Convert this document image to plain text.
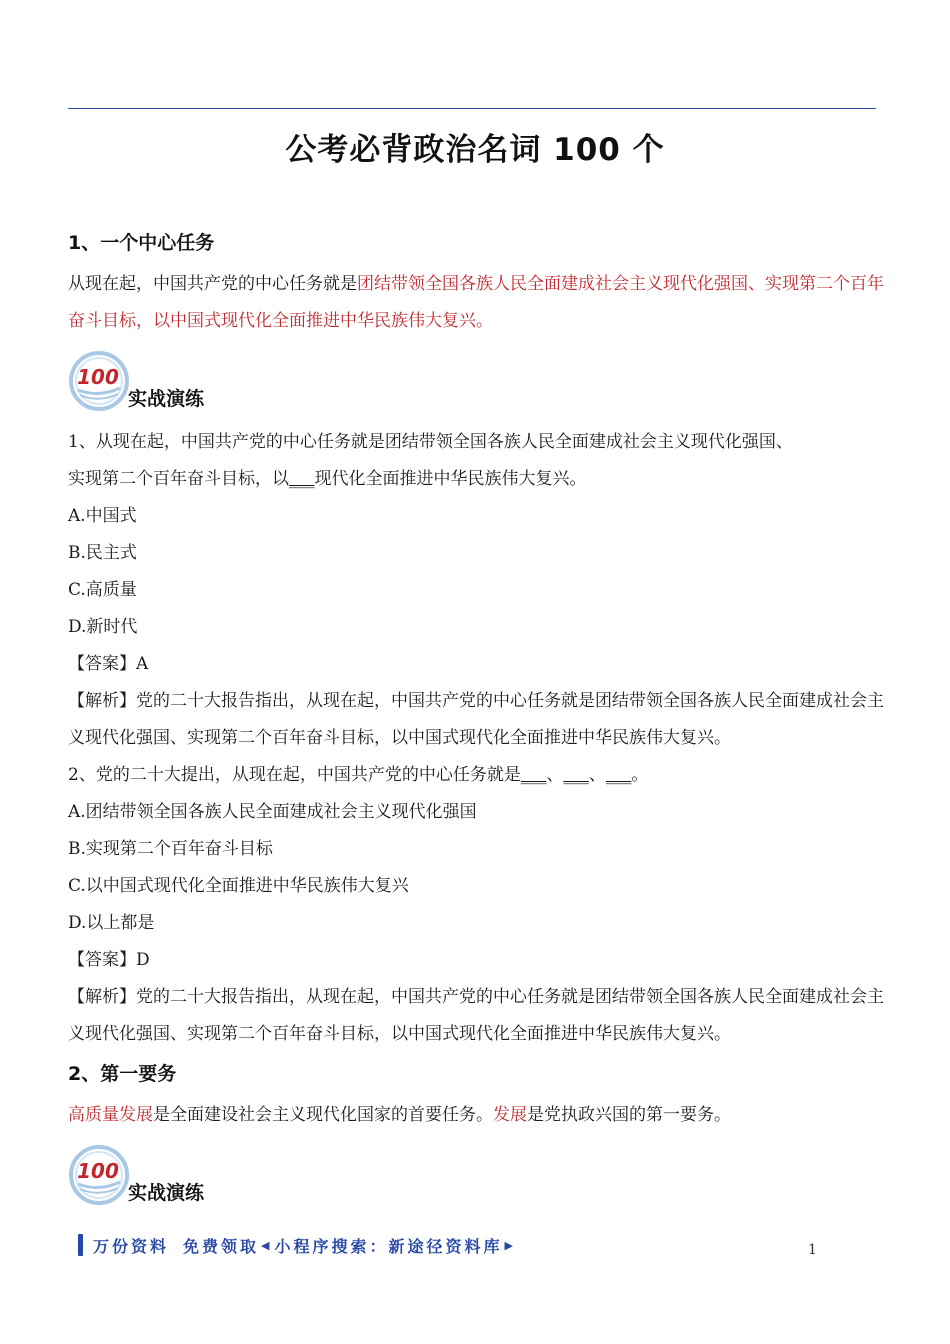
公考必背政治名词 100 个
1、一个中心任务

从现在起，中国共产党的中心任务就是团结带领全国各族人民全面建成社会主义现代化强国、实现第二个百年奋斗目标，以中国式现代化全面推进中华民族伟大复兴。

100
实战演练

1、从现在起，中国共产党的中心任务就是团结带领全国各族人民全面建成社会主义现代化强国、

实现第二个百年奋斗目标，以___现代化全面推进中华民族伟大复兴。

A.中国式

B.民主式

C.高质量

D.新时代

【答案】A

【解析】党的二十大报告指出，从现在起，中国共产党的中心任务就是团结带领全国各族人民全面建成社会主义现代化强国、实现第二个百年奋斗目标，以中国式现代化全面推进中华民族伟大复兴。

2、党的二十大提出，从现在起，中国共产党的中心任务就是___、___、___。

A.团结带领全国各族人民全面建成社会主义现代化强国

B.实现第二个百年奋斗目标

C.以中国式现代化全面推进中华民族伟大复兴

D.以上都是

【答案】D

【解析】党的二十大报告指出，从现在起，中国共产党的中心任务就是团结带领全国各族人民全面建成社会主义现代化强国、实现第二个百年奋斗目标，以中国式现代化全面推进中华民族伟大复兴。

2、第一要务

高质量发展是全面建设社会主义现代化国家的首要任务。发展是党执政兴国的第一要务。

100
实战演练
万份资料 免费领取 ◀ 小程序搜索：新途径资料库 ▶	1
